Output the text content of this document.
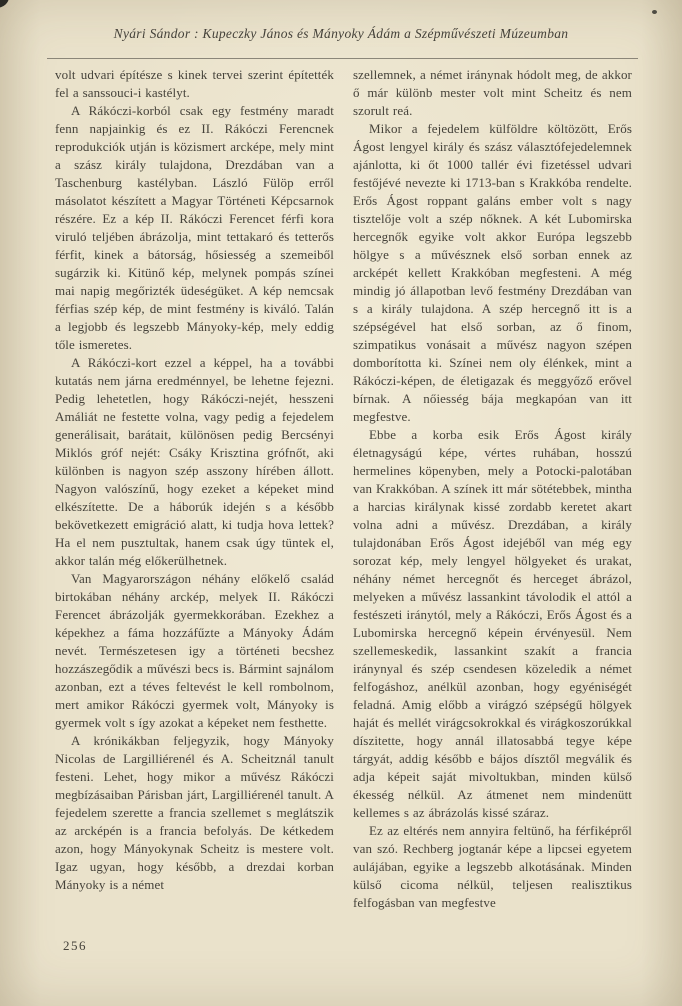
Nyári Sándor : Kupeczky János és Mányoky Ádám a Szépművészeti Múzeumban

volt udvari építésze s kinek tervei szerint építették fel a sanssouci-i kastélyt.

A Rákóczi-korból csak egy festmény maradt fenn napjainkig és ez II. Rákóczi Ferencnek reprodukciók utján is közismert arcképe, mely mint a szász király tulajdona, Drezdában van a Taschenburg kastélyban. László Fülöp erről másolatot készített a Magyar Történeti Képcsarnok részére. Ez a kép II. Rákóczi Ferencet férfi kora viruló teljében ábrázolja, mint tettakaró és tetterős férfit, kinek a bátorság, hősiesség a szemeiből sugárzik ki. Kitünő kép, melynek pompás színei mai napig megőrizték üdeségüket. A kép nemcsak férfias szép kép, de mint festmény is kiváló. Talán a legjobb és legszebb Mányoky-kép, mely eddig tőle ismeretes.

A Rákóczi-kort ezzel a képpel, ha a további kutatás nem járna eredménnyel, be lehetne fejezni. Pedig lehetetlen, hogy Rákóczi-nejét, hesszeni Amáliát ne festette volna, vagy pedig a fejedelem generálisait, barátait, különösen pedig Bercsényi Miklós gróf nejét: Csáky Krisztina grófnőt, aki különben is nagyon szép asszony hírében állott. Nagyon valószínű, hogy ezeket a képeket mind elkészítette. De a háborúk idején s a később bekövetkezett emigráció alatt, ki tudja hova lettek? Ha el nem pusztultak, hanem csak úgy tüntek el, akkor talán még előkerülhetnek.

Van Magyarországon néhány előkelő család birtokában néhány arckép, melyek II. Rákóczi Ferencet ábrázolják gyermekkorában. Ezekhez a képekhez a fáma hozzáfűzte a Mányoky Ádám nevét. Természetesen igy a történeti becshez hozzászegődik a művészi becs is. Bármint sajnálom azonban, ezt a téves feltevést le kell rombolnom, mert amikor Rákóczi gyermek volt, Mányoky is gyermek volt s így azokat a képeket nem festhette.

A krónikákban feljegyzik, hogy Mányoky Nicolas de Largilliérenél és A. Scheitznál tanult festeni. Lehet, hogy mikor a művész Rákóczi megbízásaiban Párisban járt, Largilliérenél tanult. A fejedelem szerette a francia szellemet s meglátszik az arcképén is a francia befolyás. De kétkedem azon, hogy Mányokynak Scheitz is mestere volt. Igaz ugyan, hogy később, a drezdai korban Mányoky is a német

szellemnek, a német iránynak hódolt meg, de akkor ő már különb mester volt mint Scheitz és nem szorult reá.

Mikor a fejedelem külföldre költözött, Erős Ágost lengyel király és szász választófejedelemnek ajánlotta, ki őt 1000 tallér évi fizetéssel udvari festőjévé nevezte ki 1713-ban s Krakkóba rendelte. Erős Ágost roppant galáns ember volt s nagy tisztelője volt a szép nőknek. A két Lubomirska hercegnők egyike volt akkor Európa legszebb hölgye s a művésznek első sorban ennek az arcképét kellett Krakkóban megfesteni. A még mindig jó állapotban levő festmény Drezdában van s a király tulajdona. A szép hercegnő itt is a szépségével hat első sorban, az ő finom, szimpatikus vonásait a művész nagyon szépen domborította ki. Színei nem oly élénkek, mint a Rákóczi-képen, de életigazak és meggyőző erővel bírnak. A nőiesség bája megkapóan van itt megfestve.

Ebbe a korba esik Erős Ágost király életnagyságú képe, vértes ruhában, hosszú hermelines köpenyben, mely a Potocki-palotában van Krakkóban. A színek itt már sötétebbek, mintha a harcias királynak kissé zordabb keretet akart volna adni a művész. Drezdában, a király tulajdonában Erős Ágost idejéből van még egy sorozat kép, mely lengyel hölgyeket és urakat, néhány német hercegnőt és herceget ábrázol, melyeken a művész lassankint távolodik el attól a festészeti iránytól, mely a Rákóczi, Erős Ágost és a Lubomirska hercegnő képein érvényesül. Nem szellemeskedik, lassankint szakít a francia iránynyal és szép csendesen közeledik a német felfogáshoz, anélkül azonban, hogy egyéniségét feladná. Amig előbb a virágzó szépségű hölgyek haját és mellét virágcsokrokkal és virágkoszorúkkal díszitette, hogy annál illatosabbá tegye képe tárgyát, addig később e bájos dísztől megválik és adja képeit saját mivoltukban, minden külső ékesség nélkül. Az átmenet nem mindenütt kellemes s az ábrázolás kissé száraz.

Ez az eltérés nem annyira feltünő, ha férfiképről van szó. Rechberg jogtanár képe a lipcsei egyetem aulájában, egyike a legszebb alkotásának. Minden külső cicoma nélkül, teljesen realisztikus felfogásban van megfestve

256
